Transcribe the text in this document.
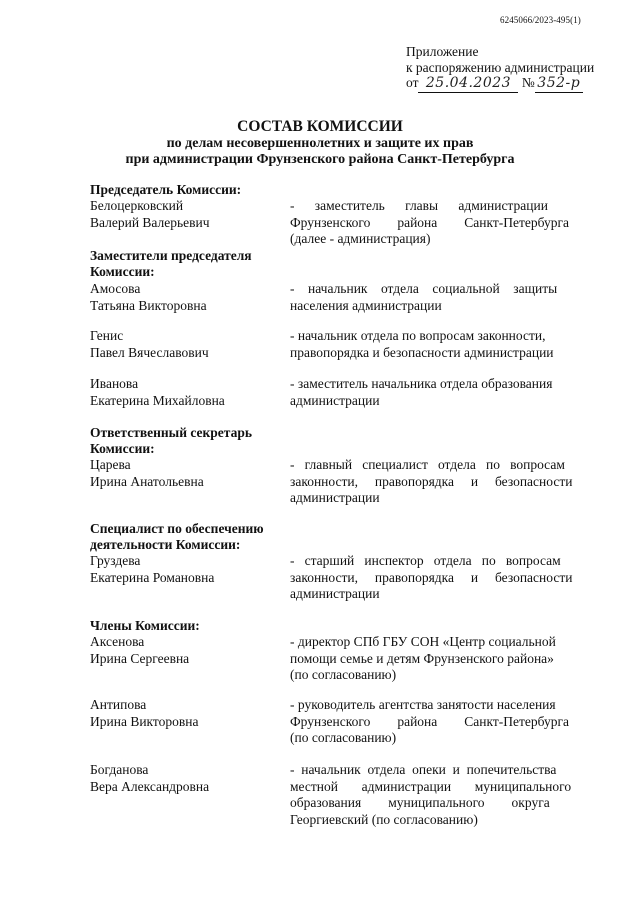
6245066/2023-495(1)
Приложение
к распоряжению администрации
от 25.04.2023 № 352-р
СОСТАВ КОМИССИИ
по делам несовершеннолетних и защите их прав
при администрации Фрунзенского района Санкт-Петербурга
Председатель Комиссии:
Белоцерковский
Валерий Валерьевич
-      заместитель      главы      администрации
Фрунзенского        района        Санкт-Петербурга
(далее - администрация)
Заместители председателя
Комиссии:
Амосова
Татьяна Викторовна
-    начальник    отдела    социальной    защиты
населения администрации
Генис
Павел Вячеславович
- начальник отдела по вопросам законности,
правопорядка и безопасности администрации
Иванова
Екатерина Михайловна
- заместитель начальника отдела образования
администрации
Ответственный секретарь
Комиссии:
Царева
Ирина Анатольевна
-   главный   специалист   отдела   по   вопросам
законности,     правопорядка     и     безопасности
администрации
Специалист по обеспечению
деятельности Комиссии:
Груздева
Екатерина Романовна
-   старший   инспектор   отдела   по   вопросам
законности,     правопорядка     и     безопасности
администрации
Члены Комиссии:
Аксенова
Ирина Сергеевна
- директор СПб ГБУ СОН «Центр социальной
помощи семье и детям Фрунзенского района»
(по согласованию)
Антипова
Ирина Викторовна
- руководитель агентства занятости населения
Фрунзенского        района        Санкт-Петербурга
(по согласованию)
Богданова
Вера Александровна
-  начальник  отдела  опеки  и  попечительства
местной       администрации       муниципального
образования        муниципального        округа
Георгиевский (по согласованию)
